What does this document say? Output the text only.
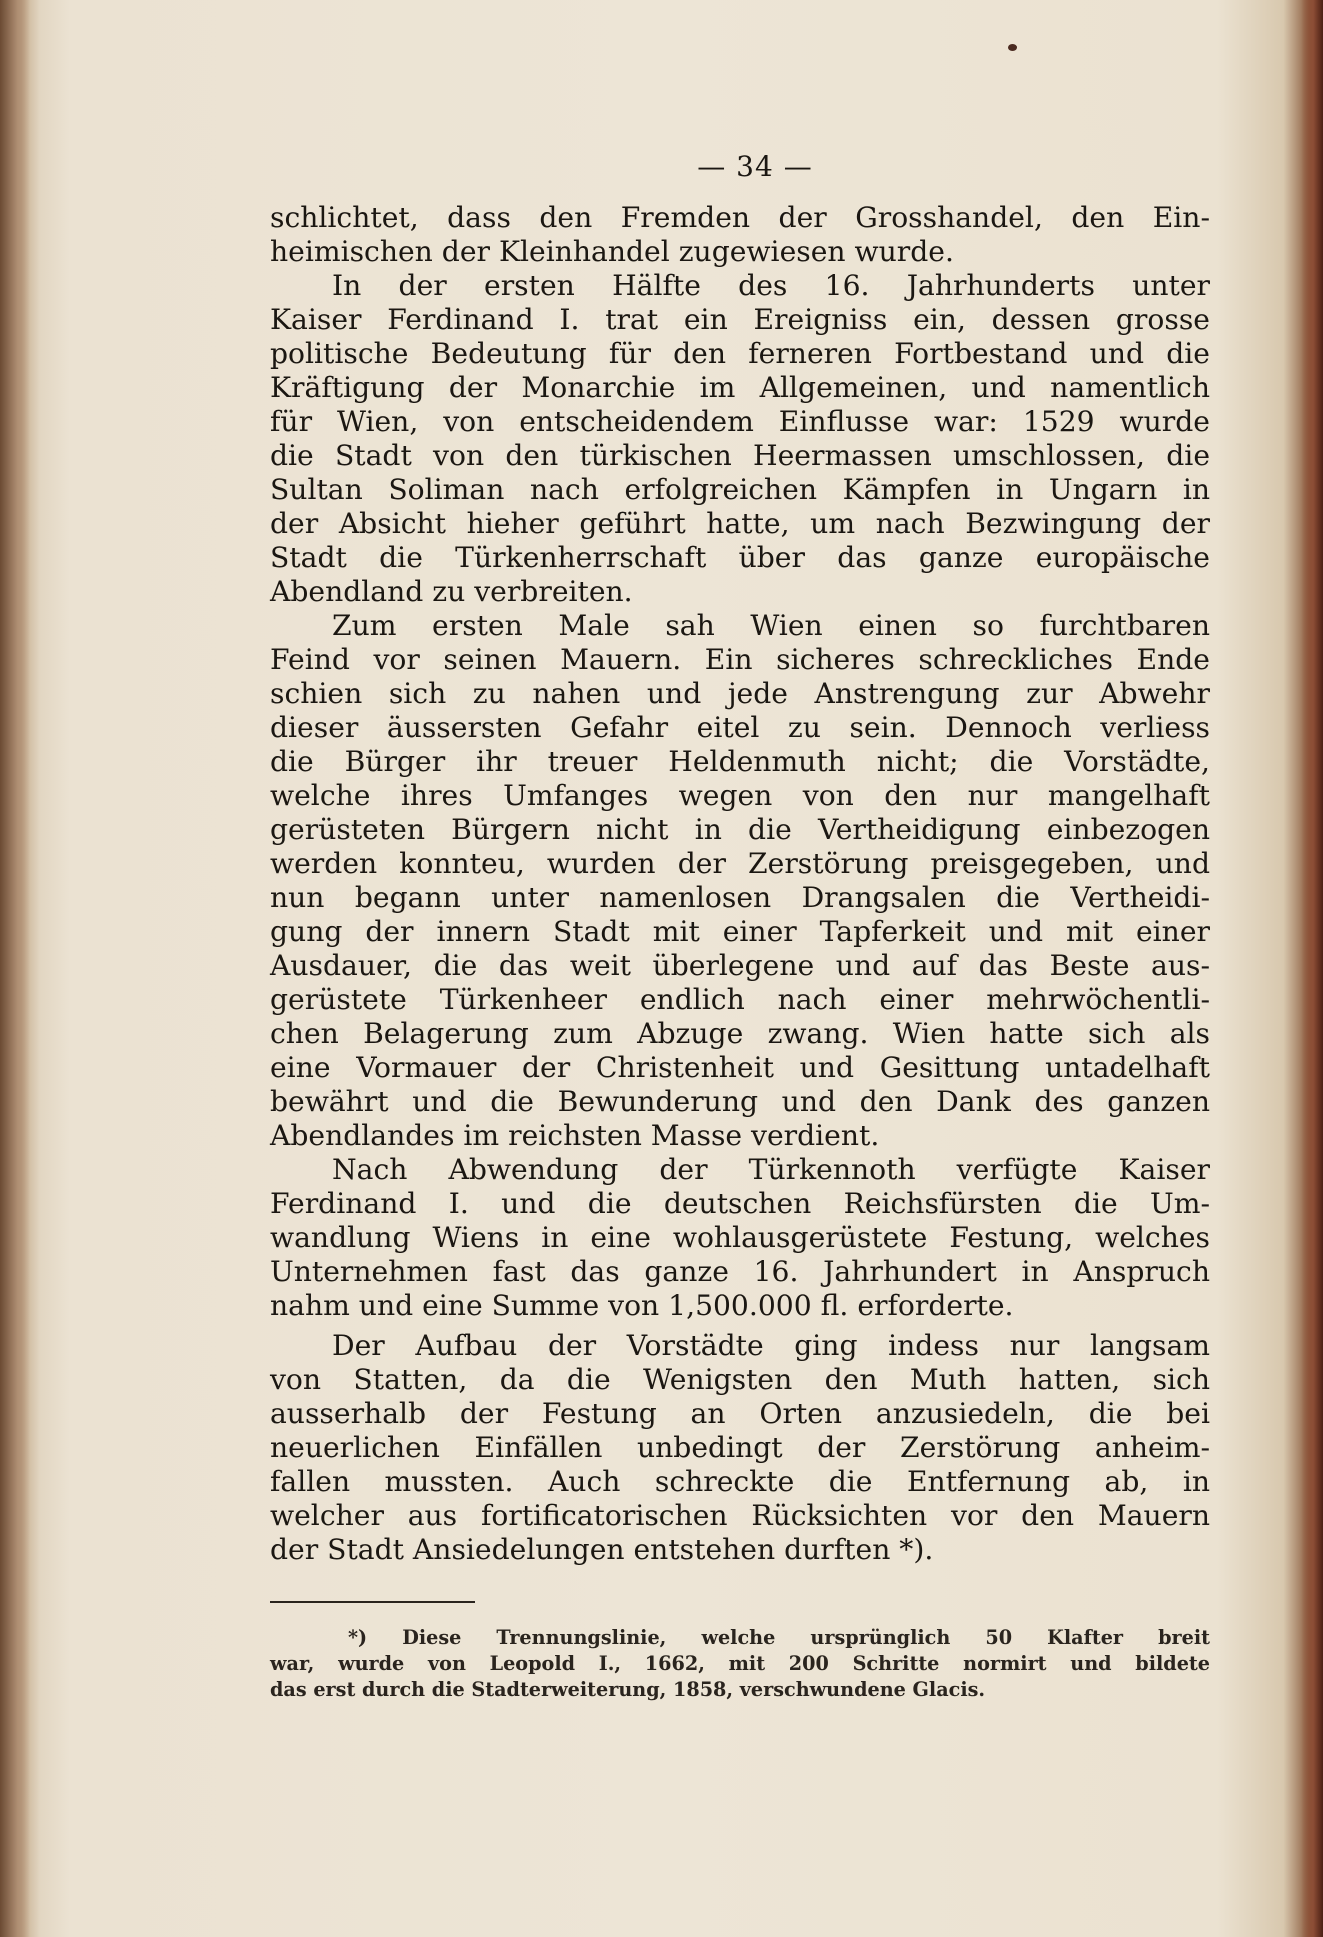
— 34 —

schlichtet, dass den Fremden der Grosshandel, den Ein-
heimischen der Kleinhandel zugewiesen wurde.

In der ersten Hälfte des 16. Jahrhunderts unter
Kaiser Ferdinand I. trat ein Ereigniss ein, dessen grosse
politische Bedeutung für den ferneren Fortbestand und die
Kräftigung der Monarchie im Allgemeinen, und namentlich
für Wien, von entscheidendem Einflusse war: 1529 wurde
die Stadt von den türkischen Heermassen umschlossen, die
Sultan Soliman nach erfolgreichen Kämpfen in Ungarn in
der Absicht hieher geführt hatte, um nach Bezwingung der
Stadt die Türkenherrschaft über das ganze europäische
Abendland zu verbreiten.

Zum ersten Male sah Wien einen so furchtbaren
Feind vor seinen Mauern. Ein sicheres schreckliches Ende
schien sich zu nahen und jede Anstrengung zur Abwehr
dieser äussersten Gefahr eitel zu sein. Dennoch verliess
die Bürger ihr treuer Heldenmuth nicht; die Vorstädte,
welche ihres Umfanges wegen von den nur mangelhaft
gerüsteten Bürgern nicht in die Vertheidigung einbezogen
werden konnteu, wurden der Zerstörung preisgegeben, und
nun begann unter namenlosen Drangsalen die Vertheidi-
gung der innern Stadt mit einer Tapferkeit und mit einer
Ausdauer, die das weit überlegene und auf das Beste aus-
gerüstete Türkenheer endlich nach einer mehrwöchentli-
chen Belagerung zum Abzuge zwang. Wien hatte sich als
eine Vormauer der Christenheit und Gesittung untadelhaft
bewährt und die Bewunderung und den Dank des ganzen
Abendlandes im reichsten Masse verdient.

Nach Abwendung der Türkennoth verfügte Kaiser
Ferdinand I. und die deutschen Reichsfürsten die Um-
wandlung Wiens in eine wohlausgerüstete Festung, welches
Unternehmen fast das ganze 16. Jahrhundert in Anspruch
nahm und eine Summe von 1,500.000 fl. erforderte.

Der Aufbau der Vorstädte ging indess nur langsam
von Statten, da die Wenigsten den Muth hatten, sich
ausserhalb der Festung an Orten anzusiedeln, die bei
neuerlichen Einfällen unbedingt der Zerstörung anheim-
fallen mussten. Auch schreckte die Entfernung ab, in
welcher aus fortificatorischen Rücksichten vor den Mauern
der Stadt Ansiedelungen entstehen durften *).

*) Diese Trennungslinie, welche ursprünglich 50 Klafter breit
war, wurde von Leopold I., 1662, mit 200 Schritte normirt und bildete
das erst durch die Stadterweiterung, 1858, verschwundene Glacis.
